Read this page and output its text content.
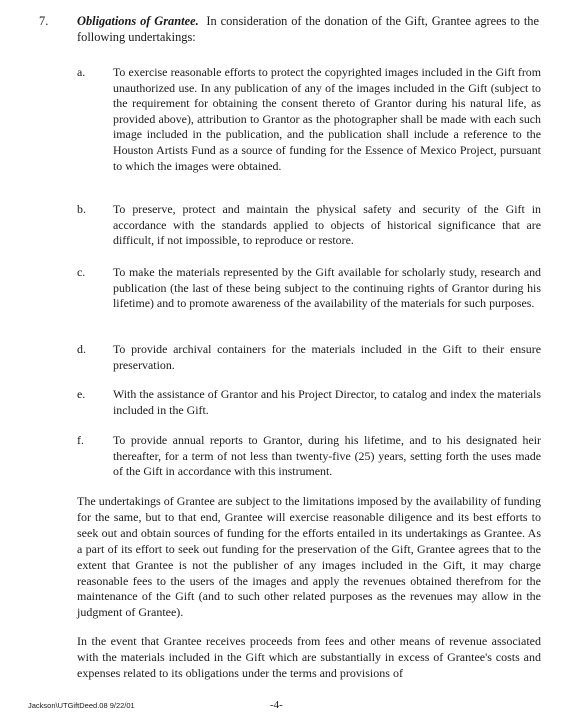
7. Obligations of Grantee. In consideration of the donation of the Gift, Grantee agrees to the following undertakings:
a. To exercise reasonable efforts to protect the copyrighted images included in the Gift from unauthorized use. In any publication of any of the images included in the Gift (subject to the requirement for obtaining the consent thereto of Grantor during his natural life, as provided above), attribution to Grantor as the photographer shall be made with each such image included in the publication, and the publication shall include a reference to the Houston Artists Fund as a source of funding for the Essence of Mexico Project, pursuant to which the images were obtained.
b. To preserve, protect and maintain the physical safety and security of the Gift in accordance with the standards applied to objects of historical significance that are difficult, if not impossible, to reproduce or restore.
c. To make the materials represented by the Gift available for scholarly study, research and publication (the last of these being subject to the continuing rights of Grantor during his lifetime) and to promote awareness of the availability of the materials for such purposes.
d. To provide archival containers for the materials included in the Gift to their ensure preservation.
e. With the assistance of Grantor and his Project Director, to catalog and index the materials included in the Gift.
f. To provide annual reports to Grantor, during his lifetime, and to his designated heir thereafter, for a term of not less than twenty-five (25) years, setting forth the uses made of the Gift in accordance with this instrument.
The undertakings of Grantee are subject to the limitations imposed by the availability of funding for the same, but to that end, Grantee will exercise reasonable diligence and its best efforts to seek out and obtain sources of funding for the efforts entailed in its undertakings as Grantee. As a part of its effort to seek out funding for the preservation of the Gift, Grantee agrees that to the extent that Grantee is not the publisher of any images included in the Gift, it may charge reasonable fees to the users of the images and apply the revenues obtained therefrom for the maintenance of the Gift (and to such other related purposes as the revenues may allow in the judgment of Grantee).
In the event that Grantee receives proceeds from fees and other means of revenue associated with the materials included in the Gift which are substantially in excess of Grantee's costs and expenses related to its obligations under the terms and provisions of
Jackson\UTGiftDeed.08 9/22/01	-4-
